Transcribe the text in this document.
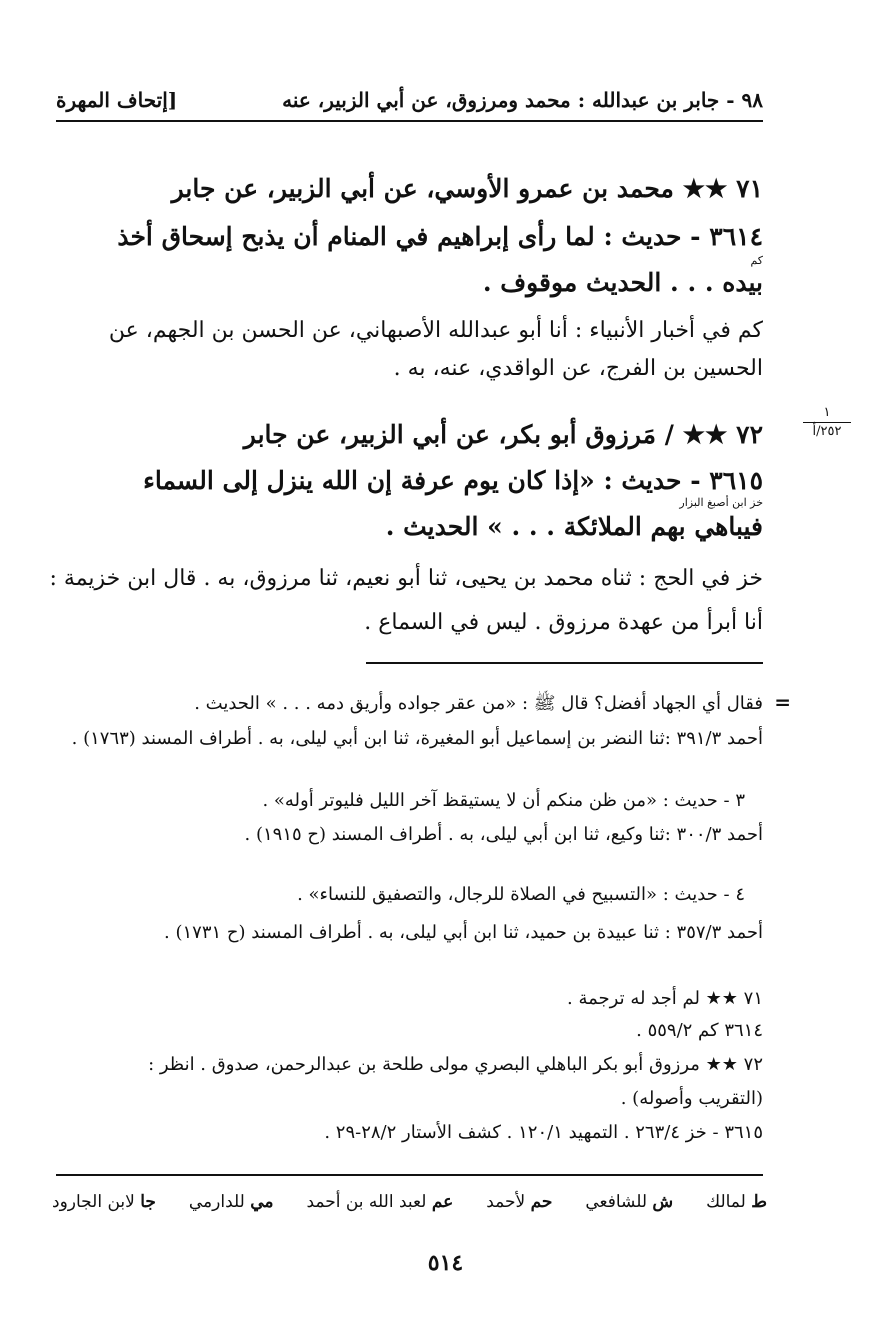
٩٨ - جابر بن عبدالله : محمد ومرزوق، عن أبي الزبير، عنه
[إتحاف المهرة
٧١ ★★ محمد بن عمرو الأوسي، عن أبي الزبير، عن جابر
٣٦١٤ - حديث : لما رأى إبراهيم في المنام أن يذبح إسحاق أخذ
كم
بيده . . . الحديث موقوف .
كم في أخبار الأنبياء : أنا أبو عبدالله الأصبهاني، عن الحسن بن الجهم، عن
الحسين بن الفرج، عن الواقدي، عنه، به .
١
٢٥٢/أ
٧٢ ★★ / مَرزوق أبو بكر، عن أبي الزبير، عن جابر
٣٦١٥ - حديث : «إذا كان يوم عرفة إن الله ينزل إلى السماء
خز ابن أصبغ البزار
فيباهي بهم الملائكة . . . » الحديث .
خز في الحج : ثناه محمد بن يحيى، ثنا أبو نعيم، ثنا مرزوق، به . قال ابن خزيمة :
أنا أبرأ من عهدة مرزوق . ليس في السماع .
=
فقال أي الجهاد أفضل؟ قال ﷺ : «من عقر جواده وأريق دمه . . . » الحديث .
أحمد ٣٩١/٣ :ثنا النضر بن إسماعيل أبو المغيرة، ثنا ابن أبي ليلى، به . أطراف المسند (١٧٦٣) .
٣ - حديث : «من ظن منكم أن لا يستيقظ آخر الليل فليوتر أوله» .
أحمد ٣٠٠/٣ :ثنا وكيع، ثنا ابن أبي ليلى، به . أطراف المسند (ح ١٩١٥) .
٤ - حديث : «التسبيح في الصلاة للرجال، والتصفيق للنساء» .
أحمد ٣٥٧/٣ : ثنا عبيدة بن حميد، ثنا ابن أبي ليلى، به . أطراف المسند (ح ١٧٣١) .
٧١ ★★ لم أجد له ترجمة .
٣٦١٤ كم ٥٥٩/٢ .
٧٢ ★★ مرزوق أبو بكر الباهلي البصري مولى طلحة بن عبدالرحمن، صدوق . انظر :
(التقريب وأصوله) .
٣٦١٥ - خز ٢٦٣/٤ . التمهيد ١٢٠/١ . كشف الأستار ٢٨/٢-٢٩ .
ط لمالك
ش للشافعي
حم لأحمد
عم لعبد الله بن أحمد
مي للدارمي
جا لابن الجارود
٥١٤
